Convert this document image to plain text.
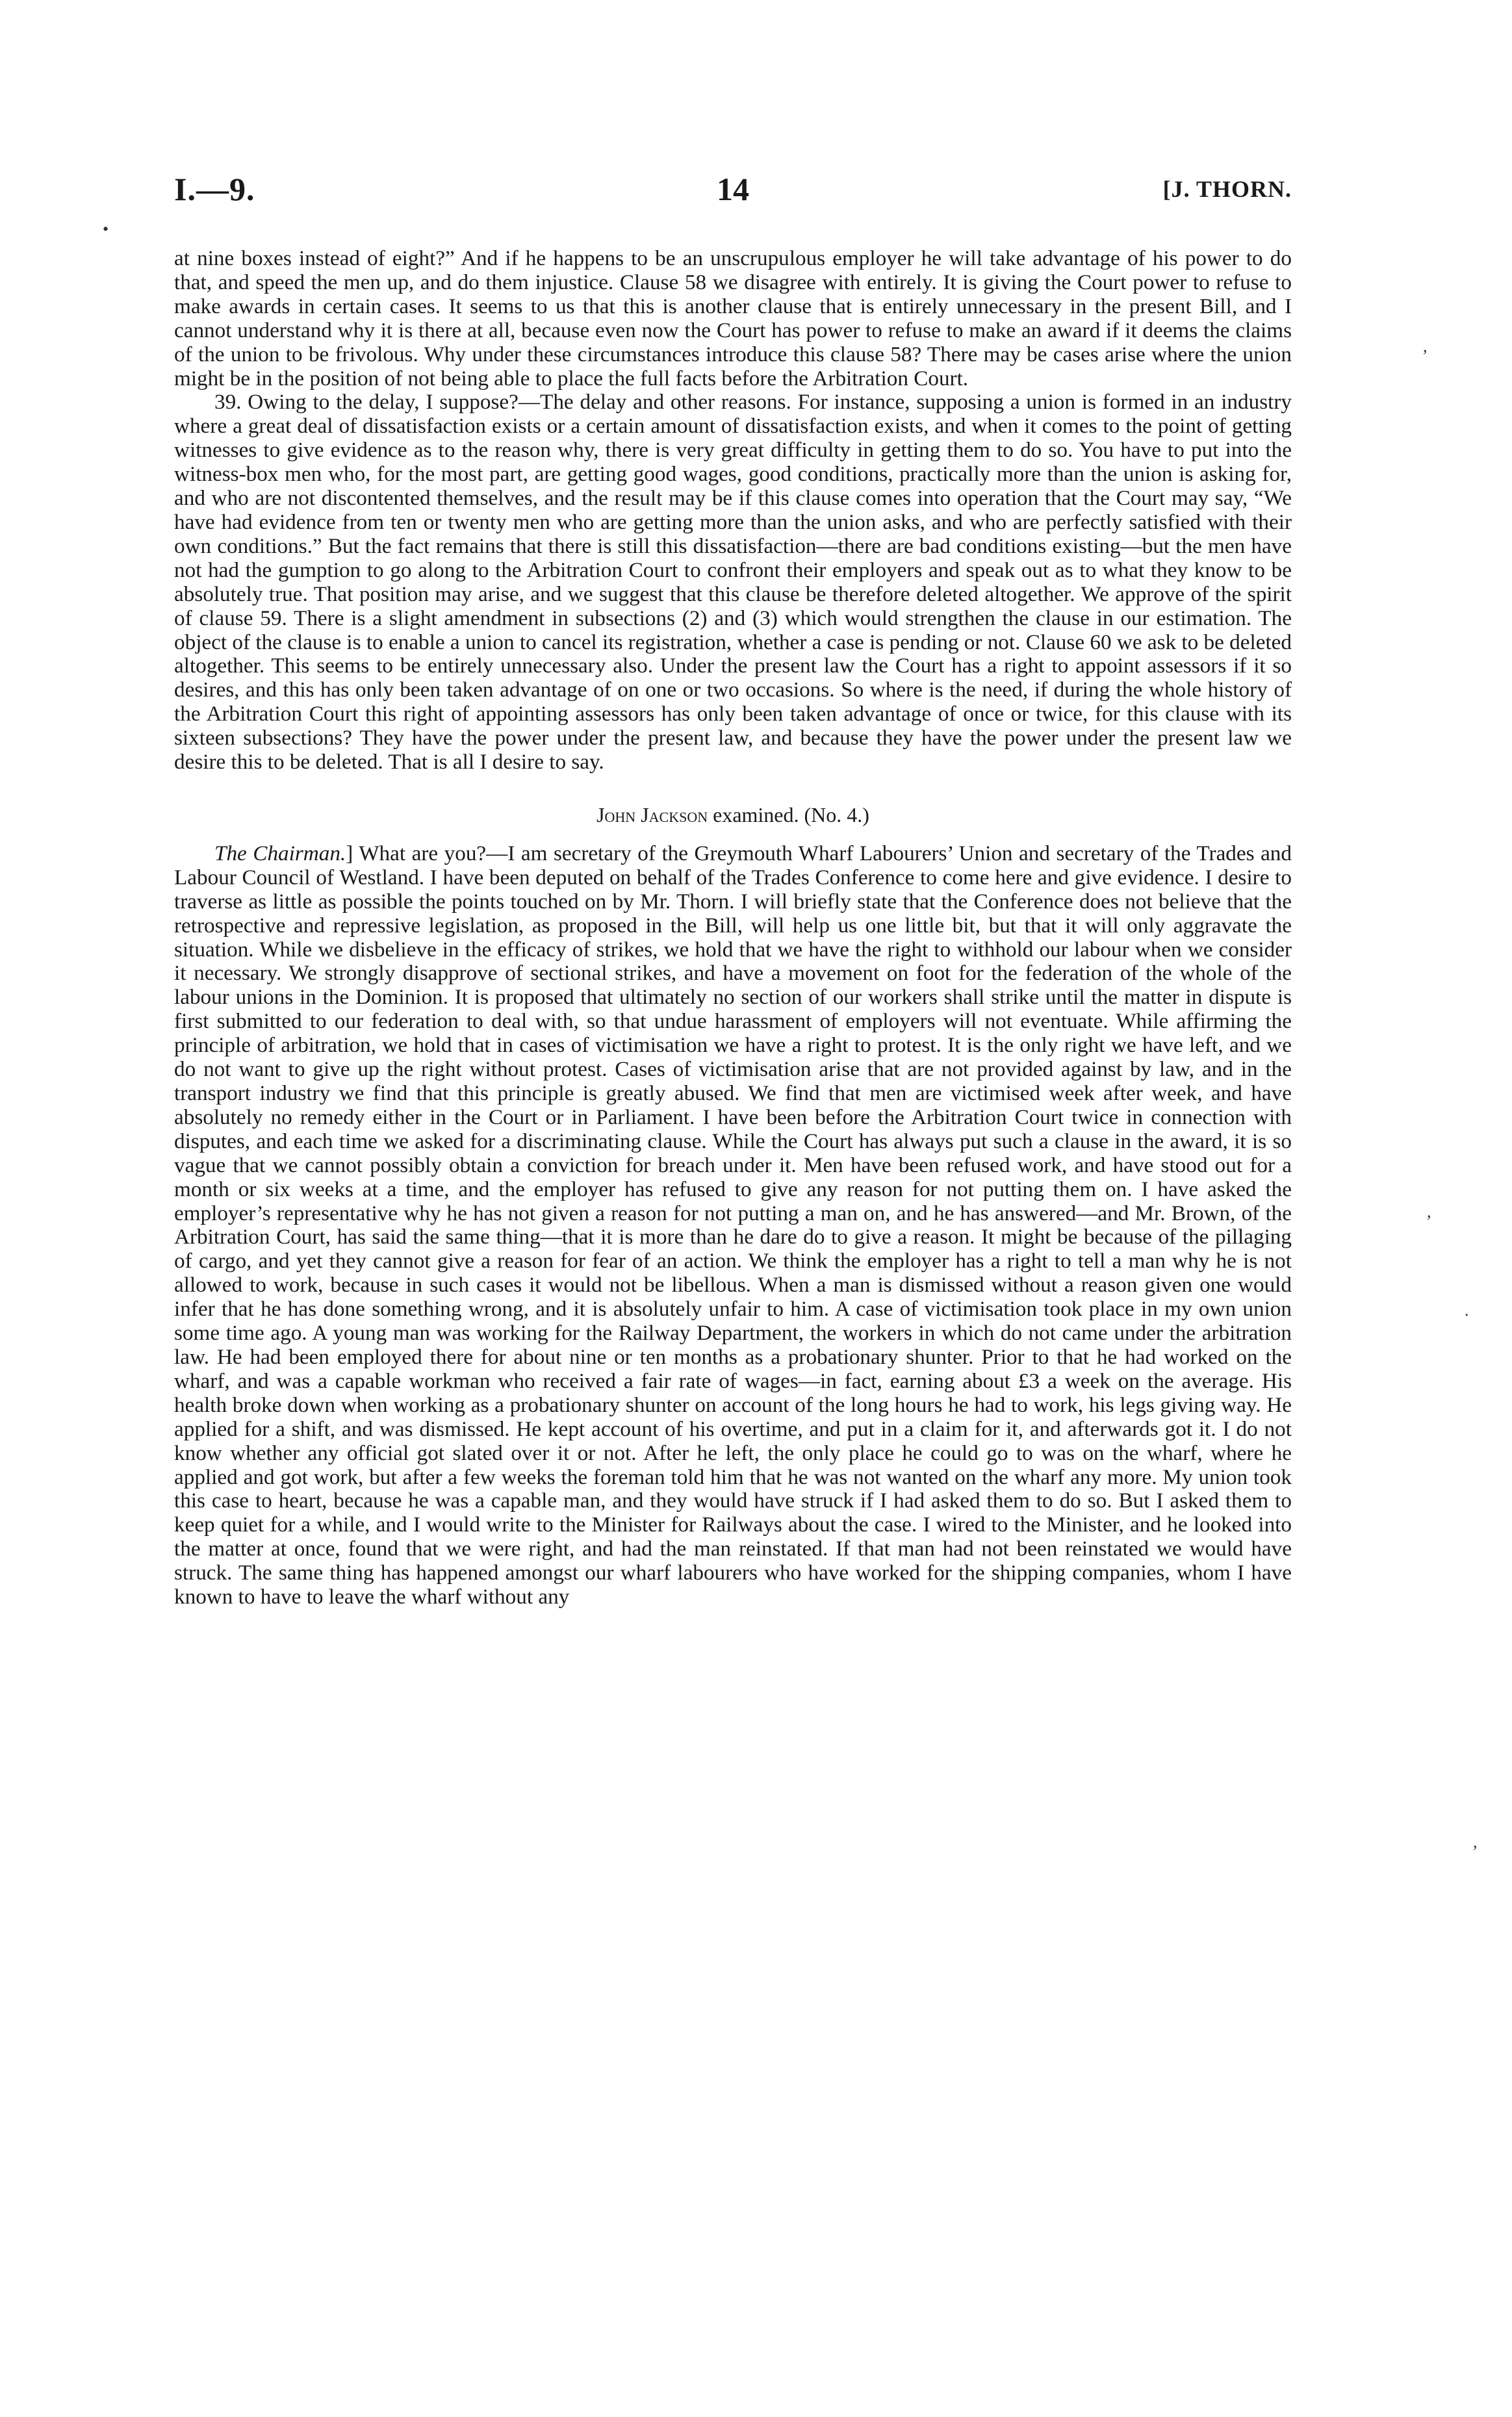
I.—9.	14	[J. THORN.

at nine boxes instead of eight?” And if he happens to be an unscrupulous employer he will take advantage of his power to do that, and speed the men up, and do them injustice. Clause 58 we disagree with entirely. It is giving the Court power to refuse to make awards in certain cases. It seems to us that this is another clause that is entirely unnecessary in the present Bill, and I cannot understand why it is there at all, because even now the Court has power to refuse to make an award if it deems the claims of the union to be frivolous. Why under these circumstances introduce this clause 58? There may be cases arise where the union might be in the position of not being able to place the full facts before the Arbitration Court.

39. Owing to the delay, I suppose?—The delay and other reasons. For instance, supposing a union is formed in an industry where a great deal of dissatisfaction exists or a certain amount of dissatisfaction exists, and when it comes to the point of getting witnesses to give evidence as to the reason why, there is very great difficulty in getting them to do so. You have to put into the witness-box men who, for the most part, are getting good wages, good conditions, practically more than the union is asking for, and who are not discontented themselves, and the result may be if this clause comes into operation that the Court may say, “We have had evidence from ten or twenty men who are getting more than the union asks, and who are perfectly satisfied with their own conditions.” But the fact remains that there is still this dissatisfaction—there are bad conditions existing—but the men have not had the gumption to go along to the Arbitration Court to confront their employers and speak out as to what they know to be absolutely true. That position may arise, and we suggest that this clause be therefore deleted altogether. We approve of the spirit of clause 59. There is a slight amendment in subsections (2) and (3) which would strengthen the clause in our estimation. The object of the clause is to enable a union to cancel its registration, whether a case is pending or not. Clause 60 we ask to be deleted altogether. This seems to be entirely unnecessary also. Under the present law the Court has a right to appoint assessors if it so desires, and this has only been taken advantage of on one or two occasions. So where is the need, if during the whole history of the Arbitration Court this right of appointing assessors has only been taken advantage of once or twice, for this clause with its sixteen subsections? They have the power under the present law, and because they have the power under the present law we desire this to be deleted. That is all I desire to say.

John Jackson examined. (No. 4.)

The Chairman.] What are you?—I am secretary of the Greymouth Wharf Labourers’ Union and secretary of the Trades and Labour Council of Westland. I have been deputed on behalf of the Trades Conference to come here and give evidence. I desire to traverse as little as possible the points touched on by Mr. Thorn. I will briefly state that the Conference does not believe that the retrospective and repressive legislation, as proposed in the Bill, will help us one little bit, but that it will only aggravate the situation. While we disbelieve in the efficacy of strikes, we hold that we have the right to withhold our labour when we consider it necessary. We strongly disapprove of sectional strikes, and have a movement on foot for the federation of the whole of the labour unions in the Dominion. It is proposed that ultimately no section of our workers shall strike until the matter in dispute is first submitted to our federation to deal with, so that undue harassment of employers will not eventuate. While affirming the principle of arbitration, we hold that in cases of victimisation we have a right to protest. It is the only right we have left, and we do not want to give up the right without protest. Cases of victimisation arise that are not provided against by law, and in the transport industry we find that this principle is greatly abused. We find that men are victimised week after week, and have absolutely no remedy either in the Court or in Parliament. I have been before the Arbitration Court twice in connection with disputes, and each time we asked for a discriminating clause. While the Court has always put such a clause in the award, it is so vague that we cannot possibly obtain a conviction for breach under it. Men have been refused work, and have stood out for a month or six weeks at a time, and the employer has refused to give any reason for not putting them on. I have asked the employer’s representative why he has not given a reason for not putting a man on, and he has answered—and Mr. Brown, of the Arbitration Court, has said the same thing—that it is more than he dare do to give a reason. It might be because of the pillaging of cargo, and yet they cannot give a reason for fear of an action. We think the employer has a right to tell a man why he is not allowed to work, because in such cases it would not be libellous. When a man is dismissed without a reason given one would infer that he has done something wrong, and it is absolutely unfair to him. A case of victimisation took place in my own union some time ago. A young man was working for the Railway Department, the workers in which do not came under the arbitration law. He had been employed there for about nine or ten months as a probationary shunter. Prior to that he had worked on the wharf, and was a capable workman who received a fair rate of wages—in fact, earning about £3 a week on the average. His health broke down when working as a probationary shunter on account of the long hours he had to work, his legs giving way. He applied for a shift, and was dismissed. He kept account of his overtime, and put in a claim for it, and afterwards got it. I do not know whether any official got slated over it or not. After he left, the only place he could go to was on the wharf, where he applied and got work, but after a few weeks the foreman told him that he was not wanted on the wharf any more. My union took this case to heart, because he was a capable man, and they would have struck if I had asked them to do so. But I asked them to keep quiet for a while, and I would write to the Minister for Railways about the case. I wired to the Minister, and he looked into the matter at once, found that we were right, and had the man reinstated. If that man had not been reinstated we would have struck. The same thing has happened amongst our wharf labourers who have worked for the shipping companies, whom I have known to have to leave the wharf without any

,
,
.
,
•
